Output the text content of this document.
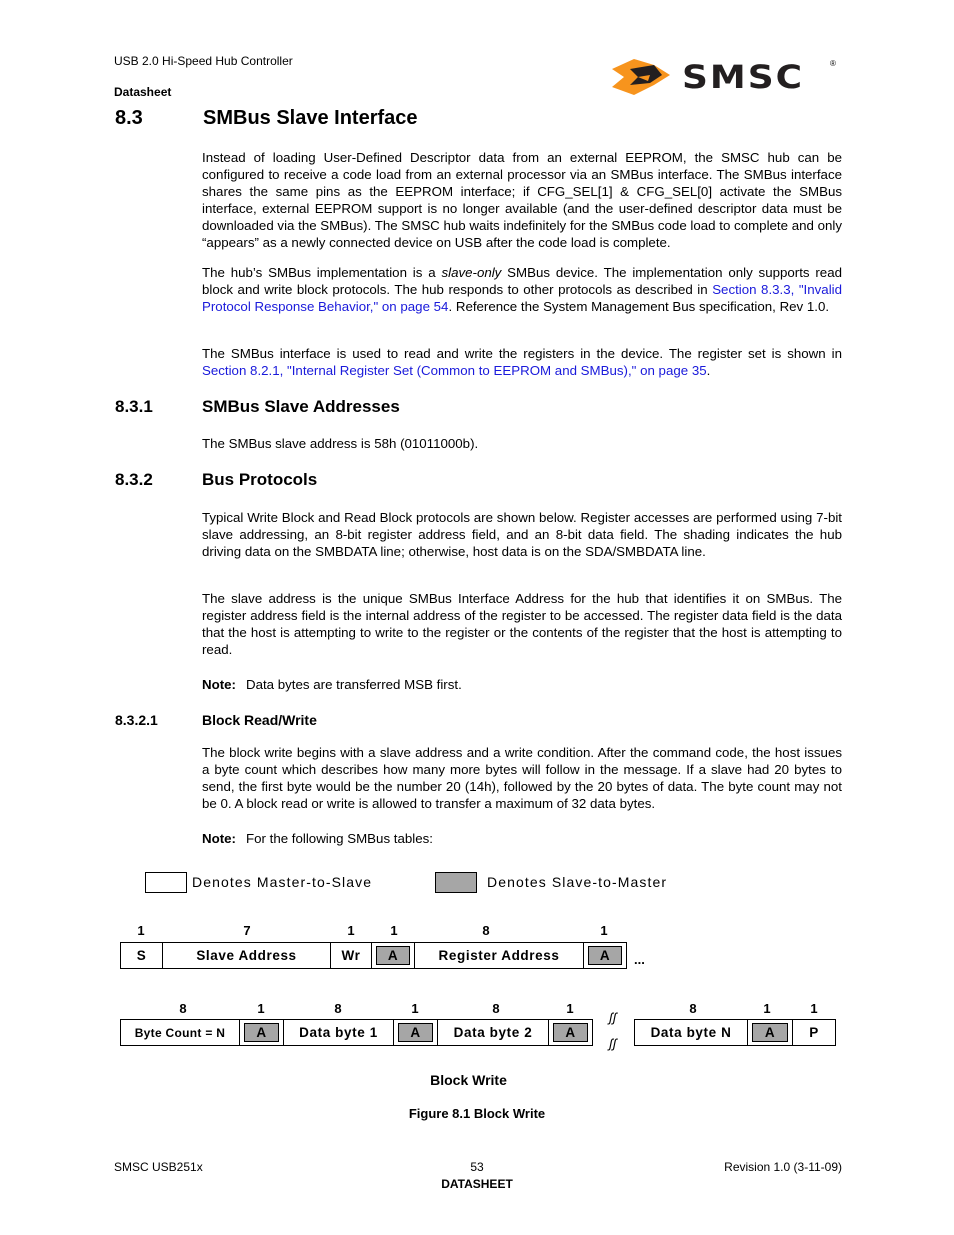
USB 2.0 Hi-Speed Hub Controller
Datasheet	SMSC	®
8.3	SMBus Slave Interface
Instead of loading User-Defined Descriptor data from an external EEPROM, the SMSC hub can be configured to receive a code load from an external processor via an SMBus interface. The SMBus interface shares the same pins as the EEPROM interface; if CFG_SEL[1] & CFG_SEL[0] activate the SMBus interface, external EEPROM support is no longer available (and the user-defined descriptor data must be downloaded via the SMBus). The SMSC hub waits indefinitely for the SMBus code load to complete and only “appears” as a newly connected device on USB after the code load is complete.
The hub’s SMBus implementation is a slave-only SMBus device. The implementation only supports read block and write block protocols. The hub responds to other protocols as described in Section 8.3.3, "Invalid Protocol Response Behavior," on page 54. Reference the System Management Bus specification, Rev 1.0.
The SMBus interface is used to read and write the registers in the device. The register set is shown in Section 8.2.1, "Internal Register Set (Common to EEPROM and SMBus)," on page 35.
8.3.1	SMBus Slave Addresses
The SMBus slave address is 58h (01011000b).
8.3.2	Bus Protocols
Typical Write Block and Read Block protocols are shown below. Register accesses are performed using 7-bit slave addressing, an 8-bit register address field, and an 8-bit data field. The shading indicates the hub driving data on the SMBDATA line; otherwise, host data is on the SDA/SMBDATA line.
The slave address is the unique SMBus Interface Address for the hub that identifies it on SMBus. The register address field is the internal address of the register to be accessed. The register data field is the data that the host is attempting to write to the register or the contents of the register that the host is attempting to read.
Note: Data bytes are transferred MSB first.
8.3.2.1	Block Read/Write
The block write begins with a slave address and a write condition. After the command code, the host issues a byte count which describes how many more bytes will follow in the message. If a slave had 20 bytes to send, the first byte would be the number 20 (14h), followed by the 20 bytes of data. The byte count may not be 0. A block read or write is allowed to transfer a maximum of 32 data bytes.
Note: For the following SMBus tables:
Denotes Master-to-Slave	Denotes Slave-to-Master
1	7	1	1	8	1
S	Slave Address	Wr	A	Register Address	A	...
8	1	8	1	8	1	8	1	1
Byte Count = N	A	Data byte 1	A	Data byte 2	A
ʃʃ
ʃʃ
Data byte N	A	P
Block Write
Figure 8.1 Block Write
SMSC USB251x	53
DATASHEET
Revision 1.0 (3-11-09)
